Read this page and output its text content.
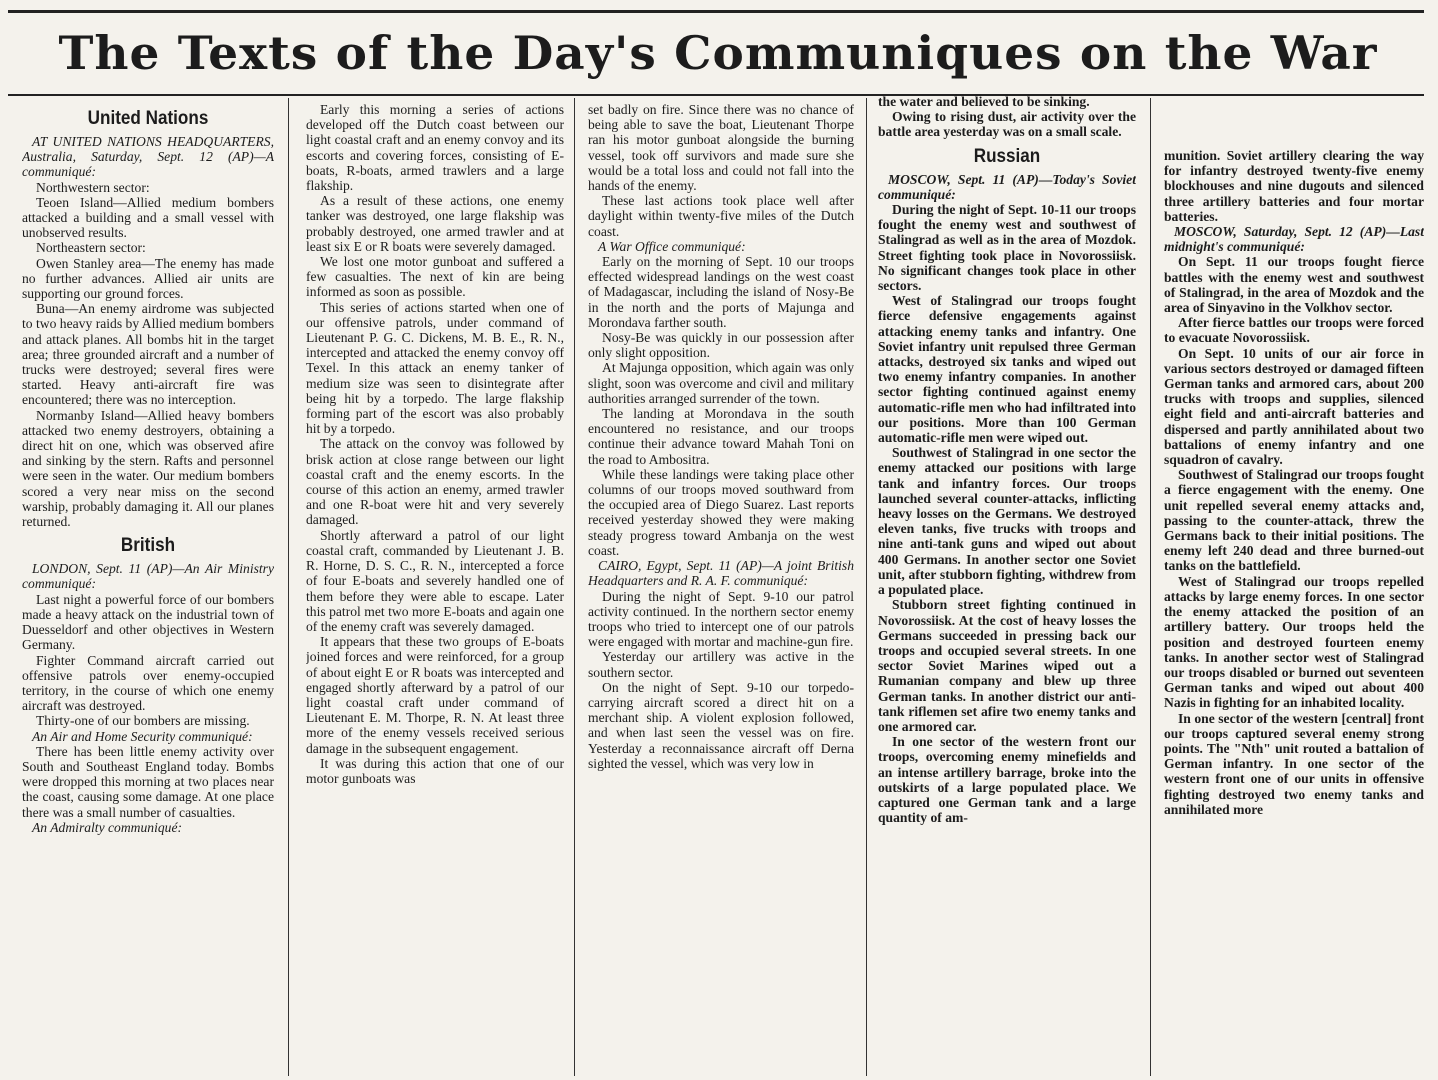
The Texts of the Day's Communiques on the War
United Nations

AT UNITED NATIONS HEADQUARTERS, Australia, Saturday, Sept. 12 (AP)—A communiqué:

Northwestern sector:

Teoen Island—Allied medium bombers attacked a building and a small vessel with unobserved results.

Northeastern sector:

Owen Stanley area—The enemy has made no further advances. Allied air units are supporting our ground forces.

Buna—An enemy airdrome was subjected to two heavy raids by Allied medium bombers and attack planes. All bombs hit in the target area; three grounded aircraft and a number of trucks were destroyed; several fires were started. Heavy anti-aircraft fire was encountered; there was no interception.

Normanby Island—Allied heavy bombers attacked two enemy destroyers, obtaining a direct hit on one, which was observed afire and sinking by the stern. Rafts and personnel were seen in the water. Our medium bombers scored a very near miss on the second warship, probably damaging it. All our planes returned.

British

LONDON, Sept. 11 (AP)—An Air Ministry communiqué:

Last night a powerful force of our bombers made a heavy attack on the industrial town of Duesseldorf and other objectives in Western Germany.

Fighter Command aircraft carried out offensive patrols over enemy-occupied territory, in the course of which one enemy aircraft was destroyed.

Thirty-one of our bombers are missing.

An Air and Home Security communiqué:

There has been little enemy activity over South and Southeast England today. Bombs were dropped this morning at two places near the coast, causing some damage. At one place there was a small number of casualties.

An Admiralty communiqué:

Early this morning a series of actions developed off the Dutch coast between our light coastal craft and an enemy convoy and its escorts and covering forces, consisting of E-boats, R-boats, armed trawlers and a large flakship.

As a result of these actions, one enemy tanker was destroyed, one large flakship was probably destroyed, one armed trawler and at least six E or R boats were severely damaged.

We lost one motor gunboat and suffered a few casualties. The next of kin are being informed as soon as possible.

This series of actions started when one of our offensive patrols, under command of Lieutenant P. G. C. Dickens, M. B. E., R. N., intercepted and attacked the enemy convoy off Texel. In this attack an enemy tanker of medium size was seen to disintegrate after being hit by a torpedo. The large flakship forming part of the escort was also probably hit by a torpedo.

The attack on the convoy was followed by brisk action at close range between our light coastal craft and the enemy escorts. In the course of this action an enemy, armed trawler and one R-boat were hit and very severely damaged.

Shortly afterward a patrol of our light coastal craft, commanded by Lieutenant J. B. R. Horne, D. S. C., R. N., intercepted a force of four E-boats and severely handled one of them before they were able to escape. Later this patrol met two more E-boats and again one of the enemy craft was severely damaged.

It appears that these two groups of E-boats joined forces and were reinforced, for a group of about eight E or R boats was intercepted and engaged shortly afterward by a patrol of our light coastal craft under command of Lieutenant E. M. Thorpe, R. N. At least three more of the enemy vessels received serious damage in the subsequent engagement.

It was during this action that one of our motor gunboats was

set badly on fire. Since there was no chance of being able to save the boat, Lieutenant Thorpe ran his motor gunboat alongside the burning vessel, took off survivors and made sure she would be a total loss and could not fall into the hands of the enemy.

These last actions took place well after daylight within twenty-five miles of the Dutch coast.

A War Office communiqué:

Early on the morning of Sept. 10 our troops effected widespread landings on the west coast of Madagascar, including the island of Nosy-Be in the north and the ports of Majunga and Morondava farther south.

Nosy-Be was quickly in our possession after only slight opposition.

At Majunga opposition, which again was only slight, soon was overcome and civil and military authorities arranged surrender of the town.

The landing at Morondava in the south encountered no resistance, and our troops continue their advance toward Mahah Toni on the road to Ambositra.

While these landings were taking place other columns of our troops moved southward from the occupied area of Diego Suarez. Last reports received yesterday showed they were making steady progress toward Ambanja on the west coast.

CAIRO, Egypt, Sept. 11 (AP)—A joint British Headquarters and R. A. F. communiqué:

During the night of Sept. 9-10 our patrol activity continued. In the northern sector enemy troops who tried to intercept one of our patrols were engaged with mortar and machine-gun fire.

Yesterday our artillery was active in the southern sector.

On the night of Sept. 9-10 our torpedo-carrying aircraft scored a direct hit on a merchant ship. A violent explosion followed, and when last seen the vessel was on fire. Yesterday a reconnaissance aircraft off Derna sighted the vessel, which was very low in

the water and believed to be sinking.

Owing to rising dust, air activity over the battle area yesterday was on a small scale.

Russian

MOSCOW, Sept. 11 (AP)—Today's Soviet communiqué:

During the night of Sept. 10-11 our troops fought the enemy west and southwest of Stalingrad as well as in the area of Mozdok. Street fighting took place in Novorossiisk. No significant changes took place in other sectors.

West of Stalingrad our troops fought fierce defensive engagements against attacking enemy tanks and infantry. One Soviet infantry unit repulsed three German attacks, destroyed six tanks and wiped out two enemy infantry companies. In another sector fighting continued against enemy automatic-rifle men who had infiltrated into our positions. More than 100 German automatic-rifle men were wiped out.

Southwest of Stalingrad in one sector the enemy attacked our positions with large tank and infantry forces. Our troops launched several counter-attacks, inflicting heavy losses on the Germans. We destroyed eleven tanks, five trucks with troops and nine anti-tank guns and wiped out about 400 Germans. In another sector one Soviet unit, after stubborn fighting, withdrew from a populated place.

Stubborn street fighting continued in Novorossiisk. At the cost of heavy losses the Germans succeeded in pressing back our troops and occupied several streets. In one sector Soviet Marines wiped out a Rumanian company and blew up three German tanks. In another district our anti-tank riflemen set afire two enemy tanks and one armored car.

In one sector of the western front our troops, overcoming enemy minefields and an intense artillery barrage, broke into the outskirts of a large populated place. We captured one German tank and a large quantity of am-

munition. Soviet artillery clearing the way for infantry destroyed twenty-five enemy blockhouses and nine dugouts and silenced three artillery batteries and four mortar batteries.

MOSCOW, Saturday, Sept. 12 (AP)—Last midnight's communiqué:

On Sept. 11 our troops fought fierce battles with the enemy west and southwest of Stalingrad, in the area of Mozdok and the area of Sinyavino in the Volkhov sector.

After fierce battles our troops were forced to evacuate Novorossiisk.

On Sept. 10 units of our air force in various sectors destroyed or damaged fifteen German tanks and armored cars, about 200 trucks with troops and supplies, silenced eight field and anti-aircraft batteries and dispersed and partly annihilated about two battalions of enemy infantry and one squadron of cavalry.

Southwest of Stalingrad our troops fought a fierce engagement with the enemy. One unit repelled several enemy attacks and, passing to the counter-attack, threw the Germans back to their initial positions. The enemy left 240 dead and three burned-out tanks on the battlefield.

West of Stalingrad our troops repelled attacks by large enemy forces. In one sector the enemy attacked the position of an artillery battery. Our troops held the position and destroyed fourteen enemy tanks. In another sector west of Stalingrad our troops disabled or burned out seventeen German tanks and wiped out about 400 Nazis in fighting for an inhabited locality.

In one sector of the western [central] front our troops captured several enemy strong points. The "Nth" unit routed a battalion of German infantry. In one sector of the western front one of our units in offensive fighting destroyed two enemy tanks and annihilated more
